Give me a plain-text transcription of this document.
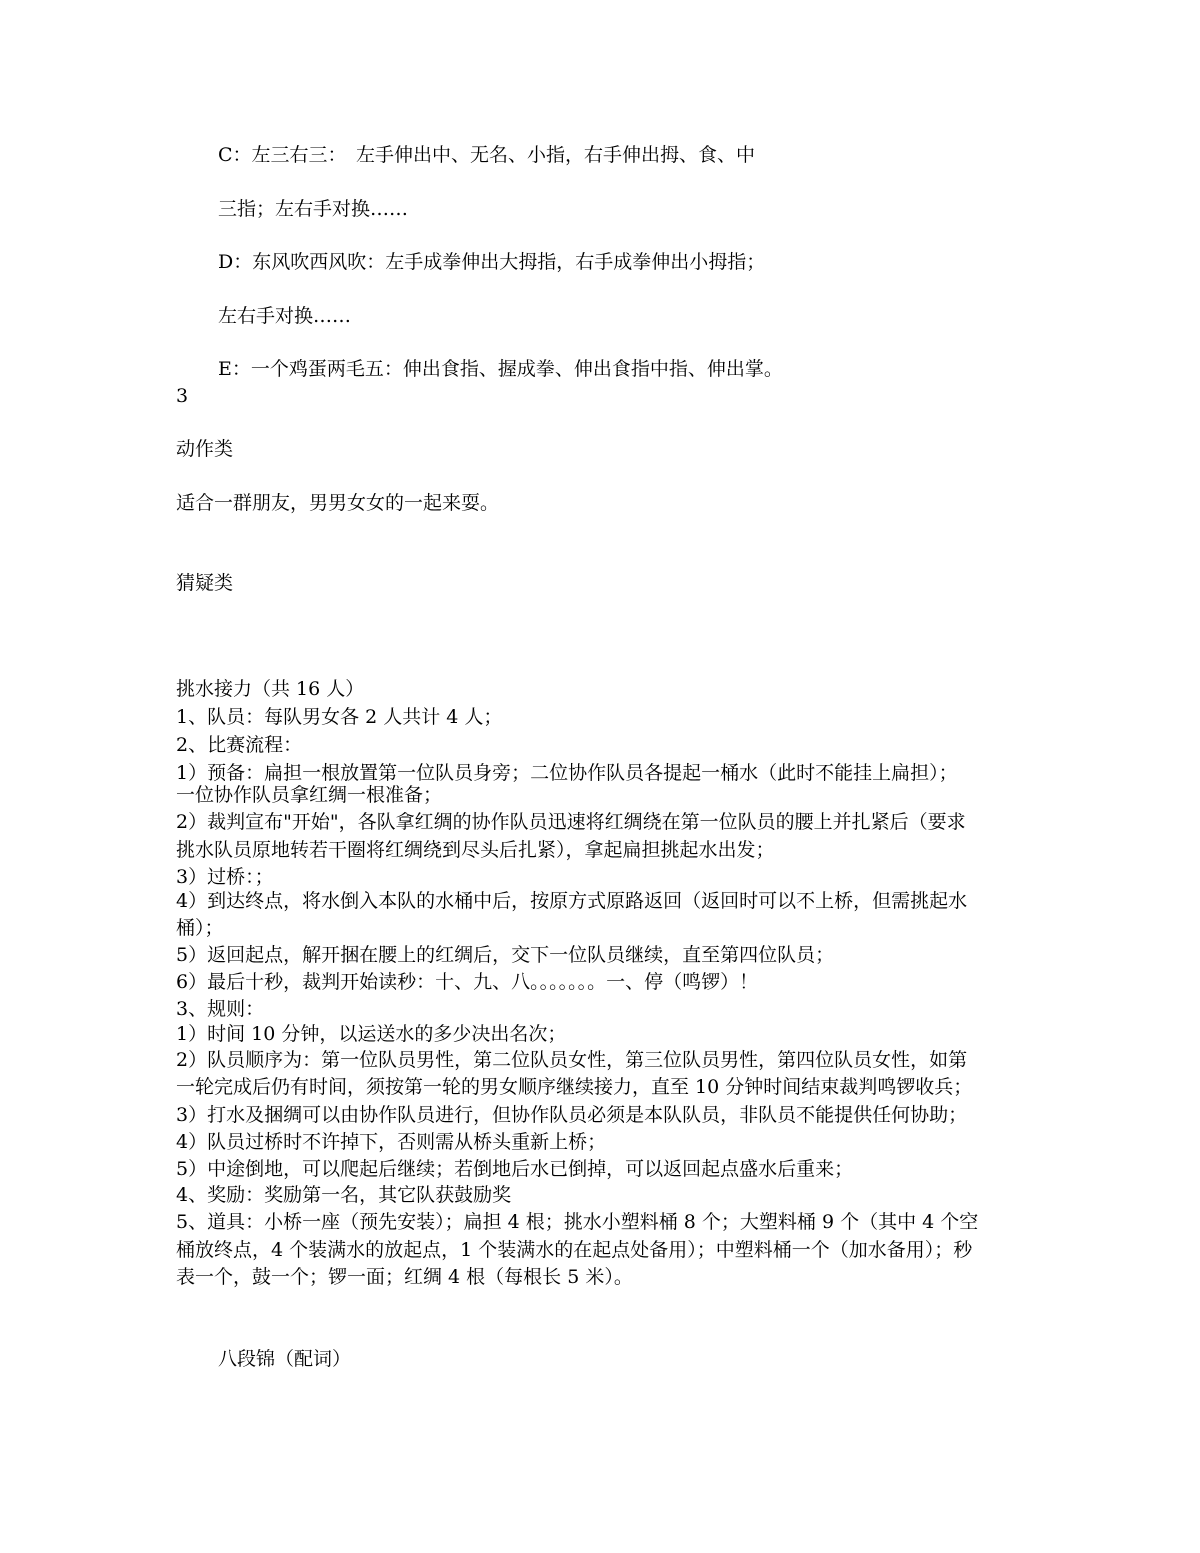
C：左三右三：　左手伸出中、无名、小指，右手伸出拇、食、中
三指；左右手对换……
D：东风吹西风吹：左手成拳伸出大拇指，右手成拳伸出小拇指；
左右手对换……
E：一个鸡蛋两毛五：伸出食指、握成拳、伸出食指中指、伸出掌。
3
动作类
适合一群朋友，男男女女的一起来耍。
猜疑类
挑水接力（共 16 人）
1、队员：每队男女各 2 人共计 4 人；
2、比赛流程：
1）预备：扁担一根放置第一位队员身旁；二位协作队员各提起一桶水（此时不能挂上扁担）；
一位协作队员拿红绸一根准备；
2）裁判宣布"开始"，各队拿红绸的协作队员迅速将红绸绕在第一位队员的腰上并扎紧后（要求
挑水队员原地转若干圈将红绸绕到尽头后扎紧），拿起扁担挑起水出发；
3）过桥：；
4）到达终点，将水倒入本队的水桶中后，按原方式原路返回（返回时可以不上桥，但需挑起水
桶）；
5）返回起点，解开捆在腰上的红绸后，交下一位队员继续，直至第四位队员；
6）最后十秒，裁判开始读秒：十、九、八。。。。。。。一、停（鸣锣）！
3、规则：
1）时间 10 分钟，以运送水的多少决出名次；
2）队员顺序为：第一位队员男性，第二位队员女性，第三位队员男性，第四位队员女性，如第
一轮完成后仍有时间，须按第一轮的男女顺序继续接力，直至 10 分钟时间结束裁判鸣锣收兵；
3）打水及捆绸可以由协作队员进行，但协作队员必须是本队队员，非队员不能提供任何协助；
4）队员过桥时不许掉下，否则需从桥头重新上桥；
5）中途倒地，可以爬起后继续；若倒地后水已倒掉，可以返回起点盛水后重来；
4、奖励：奖励第一名，其它队获鼓励奖
5、道具：小桥一座（预先安装）；扁担 4 根；挑水小塑料桶 8 个；大塑料桶 9 个（其中 4 个空
桶放终点，4 个装满水的放起点，1 个装满水的在起点处备用）；中塑料桶一个（加水备用）；秒
表一个，鼓一个；锣一面；红绸 4 根（每根长 5 米）。
八段锦（配词）
